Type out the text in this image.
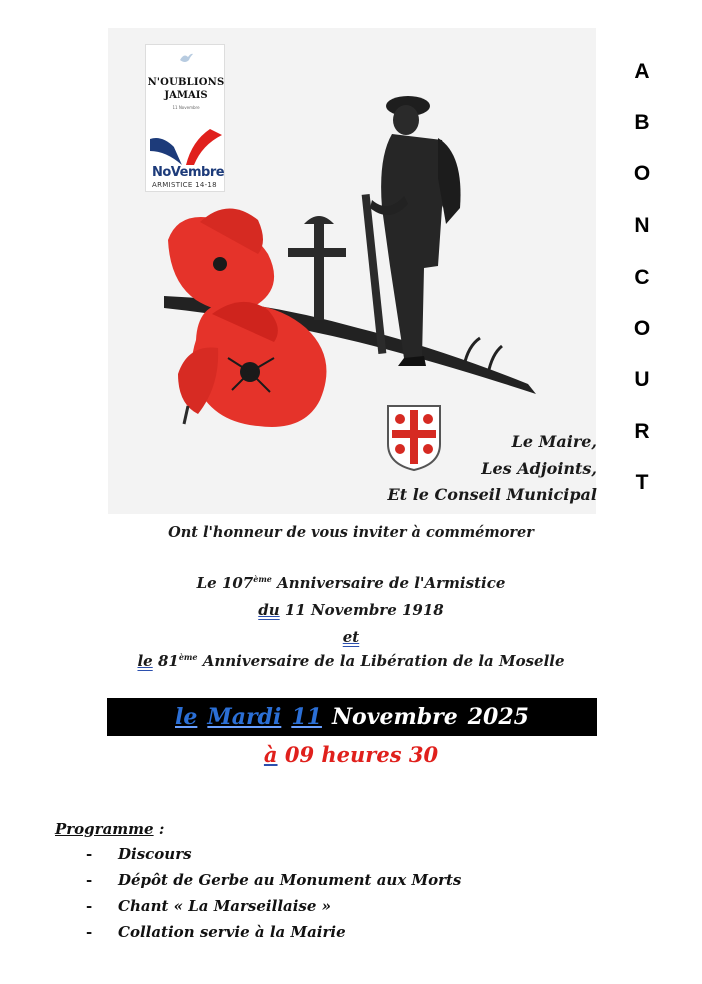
N'OUBLIONS
JAMAIS
11 Novembre
NoVembre
ARMISTICE 14-18
Le Maire,
Les Adjoints,
Et le Conseil Municipal
A
B
O
N
C
O
U
R
T
Ont l'honneur de vous inviter à commémorer
Le 107ème Anniversaire de l'Armistice
du 11 Novembre 1918
et
le 81ème Anniversaire de la Libération de la Moselle
le Mardi 11 Novembre 2025
à 09 heures 30
Programme :
- Discours
- Dépôt de Gerbe au Monument aux Morts
- Chant « La Marseillaise »
- Collation servie à la Mairie
